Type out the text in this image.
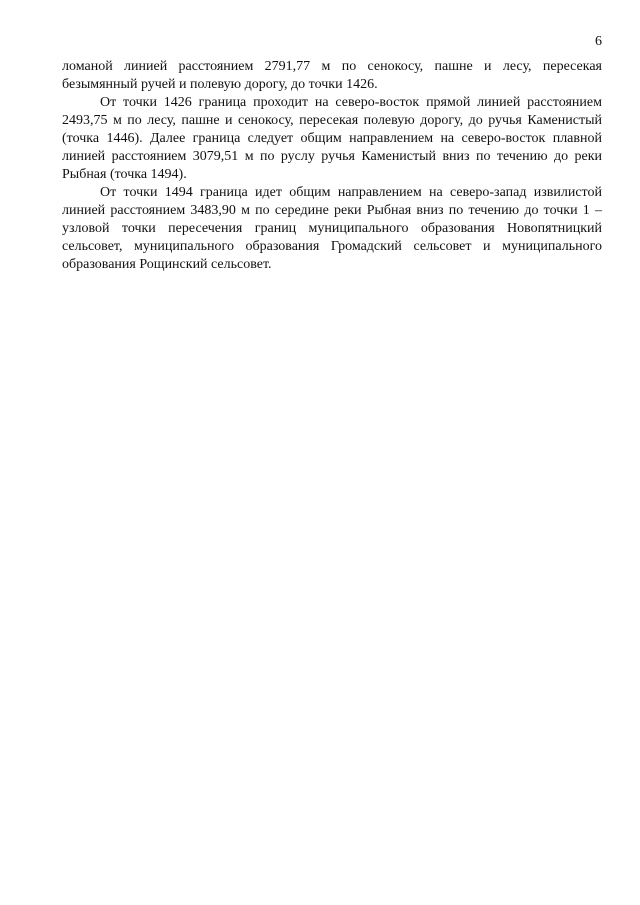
6

ломаной линией расстоянием 2791,77 м по сенокосу, пашне и лесу, пересекая безымянный ручей и полевую дорогу, до точки 1426.

От точки 1426 граница проходит на северо-восток прямой линией расстоянием 2493,75 м по лесу, пашне и сенокосу, пересекая полевую дорогу, до ручья Каменистый (точка 1446). Далее граница следует общим направлением на северо-восток плавной линией расстоянием 3079,51 м по руслу ручья Каменистый вниз по течению до реки Рыбная (точка 1494).

От точки 1494 граница идет общим направлением на северо-запад извилистой линией расстоянием 3483,90 м по середине реки Рыбная вниз по течению до точки 1 – узловой точки пересечения границ муниципального образования Новопятницкий сельсовет, муниципального образования Громадский сельсовет и муниципального образования Рощинский сельсовет.
